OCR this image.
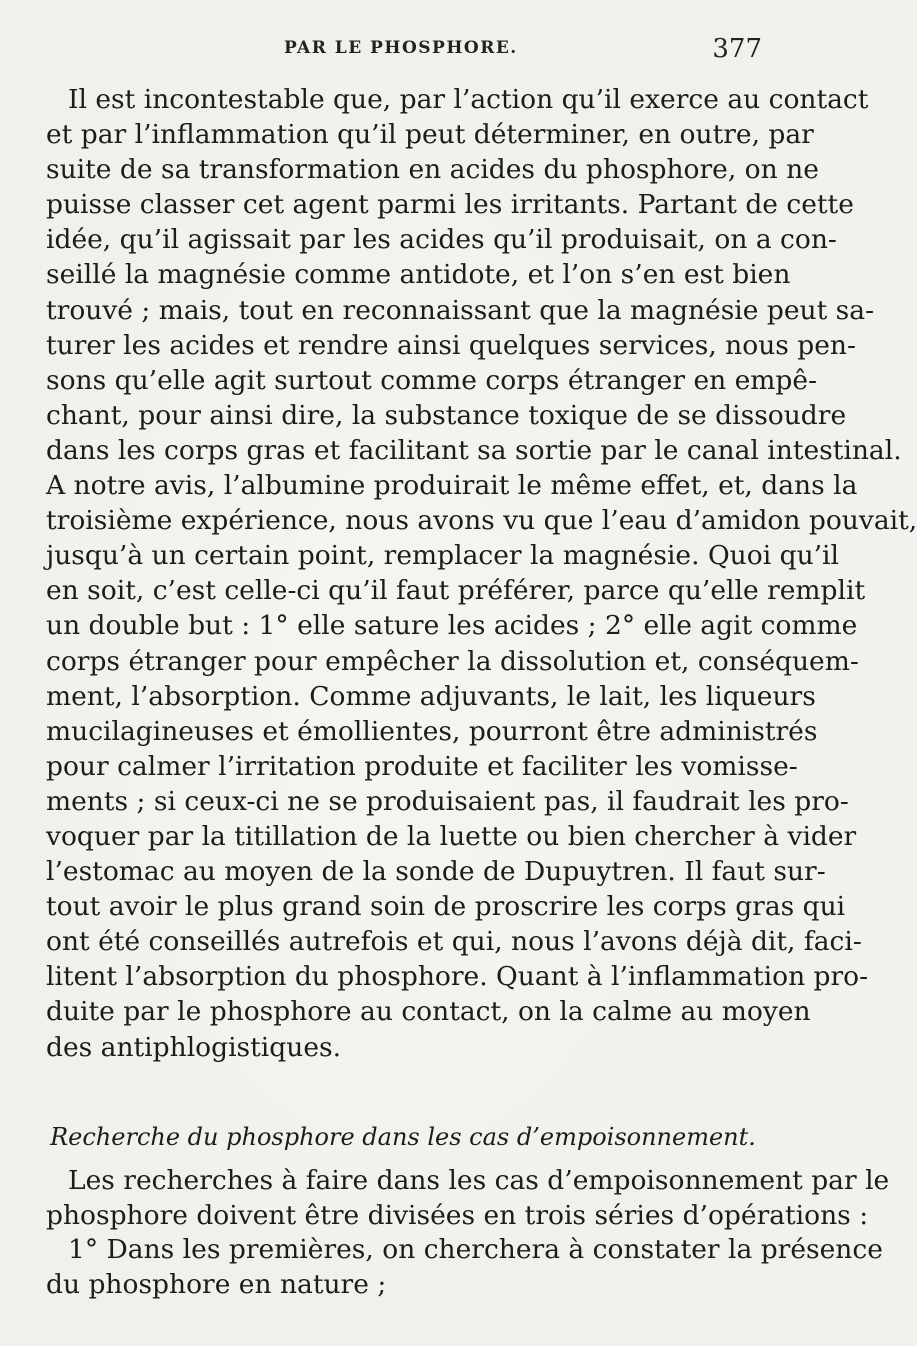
PAR LE PHOSPHORE.	377
Il est incontestable que, par l’action qu’il exerce au contact
et par l’inflammation qu’il peut déterminer, en outre, par
suite de sa transformation en acides du phosphore, on ne
puisse classer cet agent parmi les irritants. Partant de cette
idée, qu’il agissait par les acides qu’il produisait, on a con-
seillé la magnésie comme antidote, et l’on s’en est bien
trouvé ; mais, tout en reconnaissant que la magnésie peut sa-
turer les acides et rendre ainsi quelques services, nous pen-
sons qu’elle agit surtout comme corps étranger en empê-
chant, pour ainsi dire, la substance toxique de se dissoudre
dans les corps gras et facilitant sa sortie par le canal intestinal.
A notre avis, l’albumine produirait le même effet, et, dans la
troisième expérience, nous avons vu que l’eau d’amidon pouvait,
jusqu’à un certain point, remplacer la magnésie. Quoi qu’il
en soit, c’est celle-ci qu’il faut préférer, parce qu’elle remplit
un double but : 1° elle sature les acides ; 2° elle agit comme
corps étranger pour empêcher la dissolution et, conséquem-
ment, l’absorption. Comme adjuvants, le lait, les liqueurs
mucilagineuses et émollientes, pourront être administrés
pour calmer l’irritation produite et faciliter les vomisse-
ments ; si ceux-ci ne se produisaient pas, il faudrait les pro-
voquer par la titillation de la luette ou bien chercher à vider
l’estomac au moyen de la sonde de Dupuytren. Il faut sur-
tout avoir le plus grand soin de proscrire les corps gras qui
ont été conseillés autrefois et qui, nous l’avons déjà dit, faci-
litent l’absorption du phosphore. Quant à l’inflammation pro-
duite par le phosphore au contact, on la calme au moyen
des antiphlogistiques.
Recherche du phosphore dans les cas d’empoisonnement.
Les recherches à faire dans les cas d’empoisonnement par le
phosphore doivent être divisées en trois séries d’opérations :
1° Dans les premières, on cherchera à constater la présence
du phosphore en nature ;
